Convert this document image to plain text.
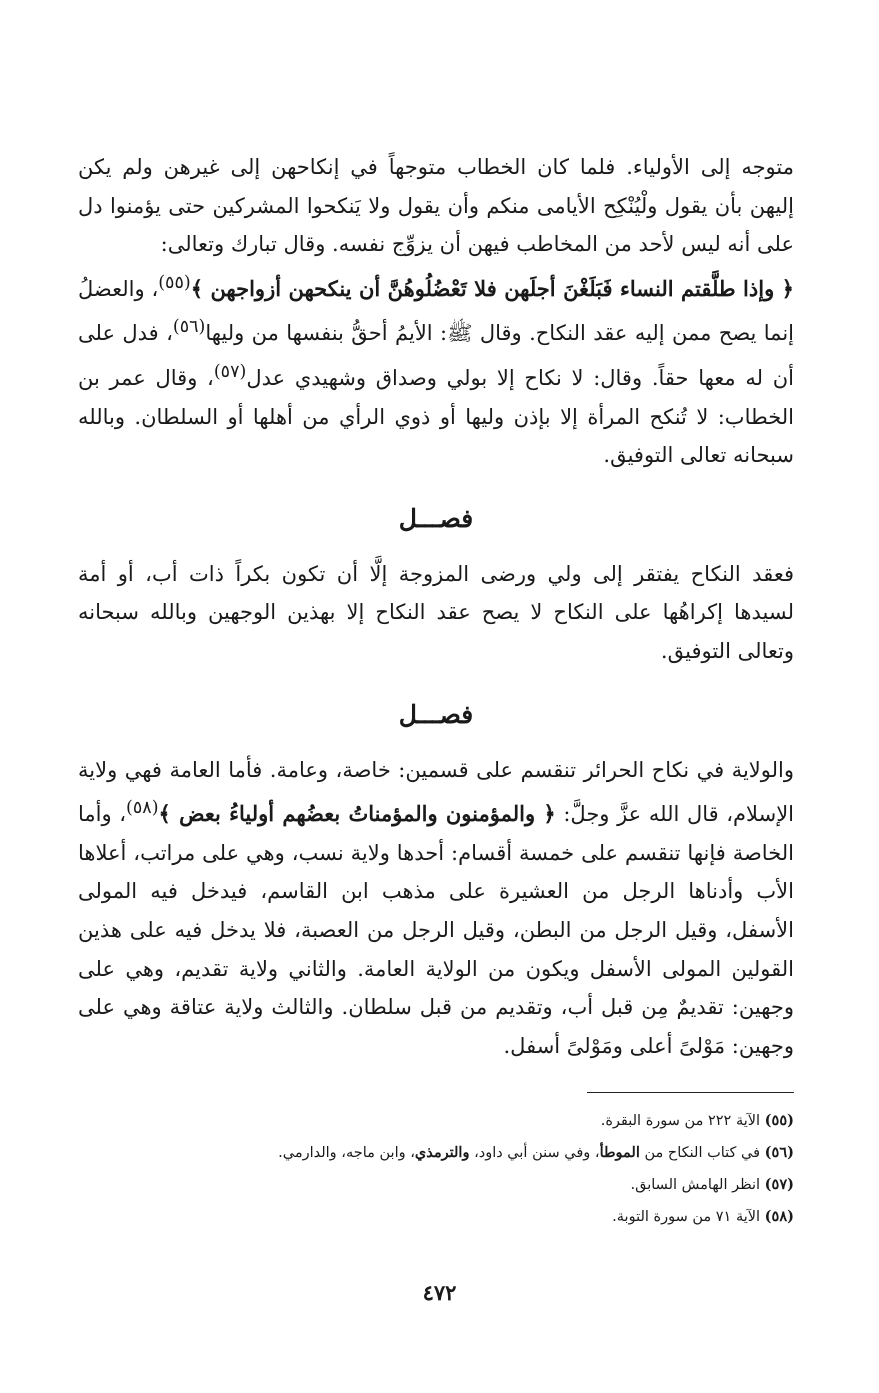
متوجه إلى الأولياء. فلما كان الخطاب متوجهاً في إنكاحهن إلى غيرهن ولم يكن إليهن بأن يقول ولْيُنْكِح الأيامى منكم وأن يقول ولا يَنكحوا المشركين حتى يؤمنوا دل على أنه ليس لأحد من المخاطب فيهن أن يزوِّج نفسه. وقال تبارك وتعالى:
﴿ وإذا طلَّقتم النساء فَبَلَغْنَ أجلَهن فلا تَعْضُلُوهُنَّ أن ينكحهن أزواجهن ﴾$^{(٥٥)}$، والعضلُ إنما يصح ممن إليه عقد النكاح. وقال ﷺ: الأيمُ أحقُّ بنفسها من وليها$^{(٥٦)}$، فدل على أن له معها حقاً. وقال: لا نكاح إلا بولي وصداق وشهيدي عدل$^{(٥٧)}$، وقال عمر بن الخطاب: لا تُنكح المرأة إلا بإذن وليها أو ذوي الرأي من أهلها أو السلطان. وبالله سبحانه تعالى التوفيق.

فصـــل

فعقد النكاح يفتقر إلى ولي ورضى المزوجة إلَّا أن تكون بكراً ذات أب، أو أمة لسيدها إكراهُها على النكاح لا يصح عقد النكاح إلا بهذين الوجهين وبالله سبحانه وتعالى التوفيق.

فصـــل

والولاية في نكاح الحرائر تنقسم على قسمين: خاصة، وعامة. فأما العامة فهي ولاية الإسلام، قال الله عزَّ وجلَّ: ﴿ والمؤمنون والمؤمناتُ بعضُهم أولياءُ بعض ﴾$^{(٥٨)}$، وأما الخاصة فإنها تنقسم على خمسة أقسام: أحدها ولاية نسب، وهي على مراتب، أعلاها الأب وأدناها الرجل من العشيرة على مذهب ابن القاسم، فيدخل فيه المولى الأسفل، وقيل الرجل من البطن، وقيل الرجل من العصبة، فلا يدخل فيه على هذين القولين المولى الأسفل ويكون من الولاية العامة. والثاني ولاية تقديم، وهي على وجهين: تقديمٌ مِن قبل أب، وتقديم من قبل سلطان. والثالث ولاية عتاقة وهي على وجهين: مَوْلىً أعلى ومَوْلىً أسفل.

(٥٥) الآية ٢٢٢ من سورة البقرة.

(٥٦) في كتاب النكاح من الموطأ، وفي سنن أبي داود، والترمذي، وابن ماجه، والدارمي.

(٥٧) انظر الهامش السابق.

(٥٨) الآية ٧١ من سورة التوبة.

٤٧٢
